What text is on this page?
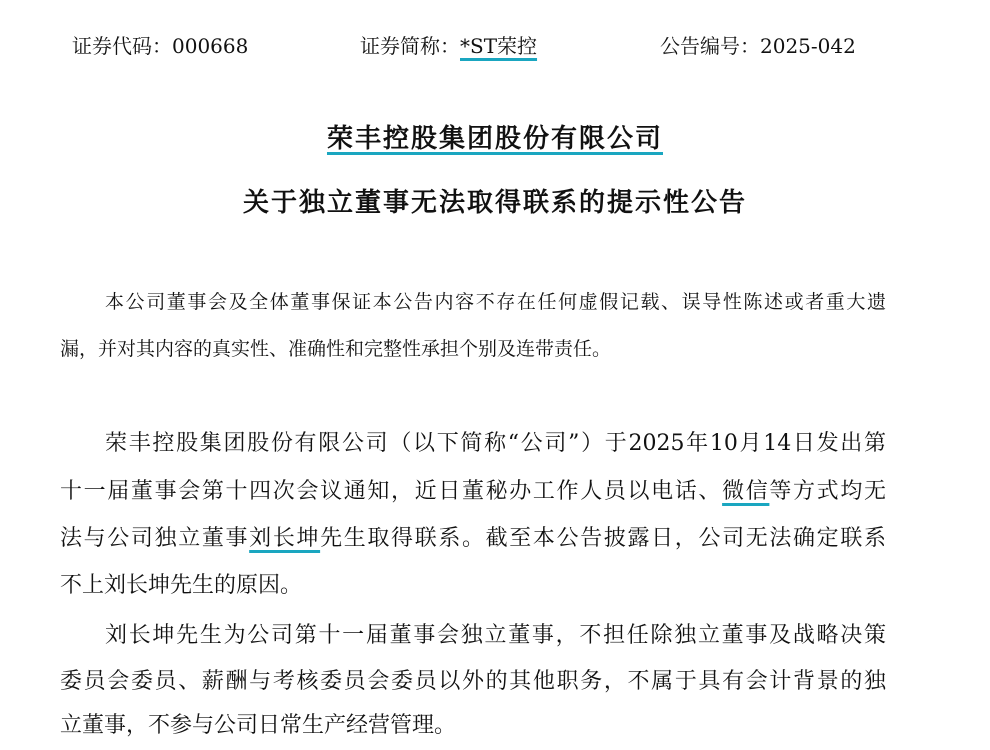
证券代码：000668	证券简称：*ST荣控	公告编号：2025-042
荣丰控股集团股份有限公司
关于独立董事无法取得联系的提示性公告
本公司董事会及全体董事保证本公告内容不存在任何虚假记载、误导性陈述或者重大遗
漏，并对其内容的真实性、准确性和完整性承担个别及连带责任。
荣丰控股集团股份有限公司（以下简称“公司”）于2025年10月14日发出第
十一届董事会第十四次会议通知，近日董秘办工作人员以电话、微信等方式均无
法与公司独立董事刘长坤先生取得联系。截至本公告披露日，公司无法确定联系
不上刘长坤先生的原因。
刘长坤先生为公司第十一届董事会独立董事，不担任除独立董事及战略决策
委员会委员、薪酬与考核委员会委员以外的其他职务，不属于具有会计背景的独
立董事，不参与公司日常生产经营管理。
